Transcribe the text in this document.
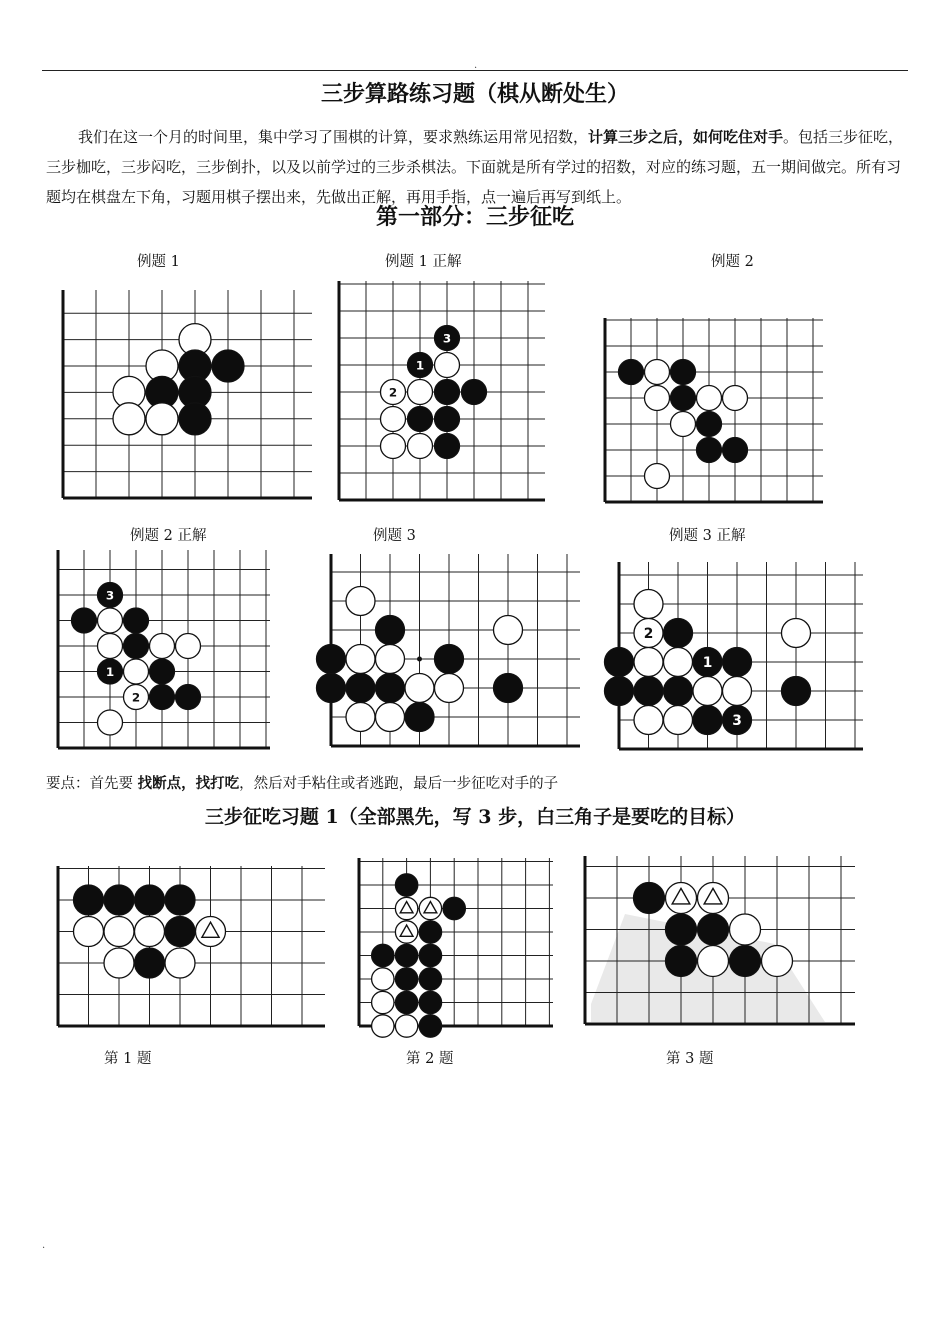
.
三步算路练习题（棋从断处生）

我们在这一个月的时间里，集中学习了围棋的计算，要求熟练运用常见招数，计算三步之后，如何吃住对手。包括三步征吃，三步枷吃，三步闷吃，三步倒扑，以及以前学过的三步杀棋法。下面就是所有学过的招数，对应的练习题，五一期间做完。所有习题均在棋盘左下角，习题用棋子摆出来，先做出正解，再用手指，点一遍后再写到纸上。

第一部分：三步征吃
例题 1	例题 1 正解	例题 2
3
1
2
例题 2 正解	例题 3	例题 3 正解
3
1
2
2
1
3
要点：首先要 找断点，找打吃，然后对手粘住或者逃跑，最后一步征吃对手的子
三步征吃习题 1（全部黑先，写 3 步，白三角子是要吃的目标）
第 1 题	第 2 题	第 3 题
.
